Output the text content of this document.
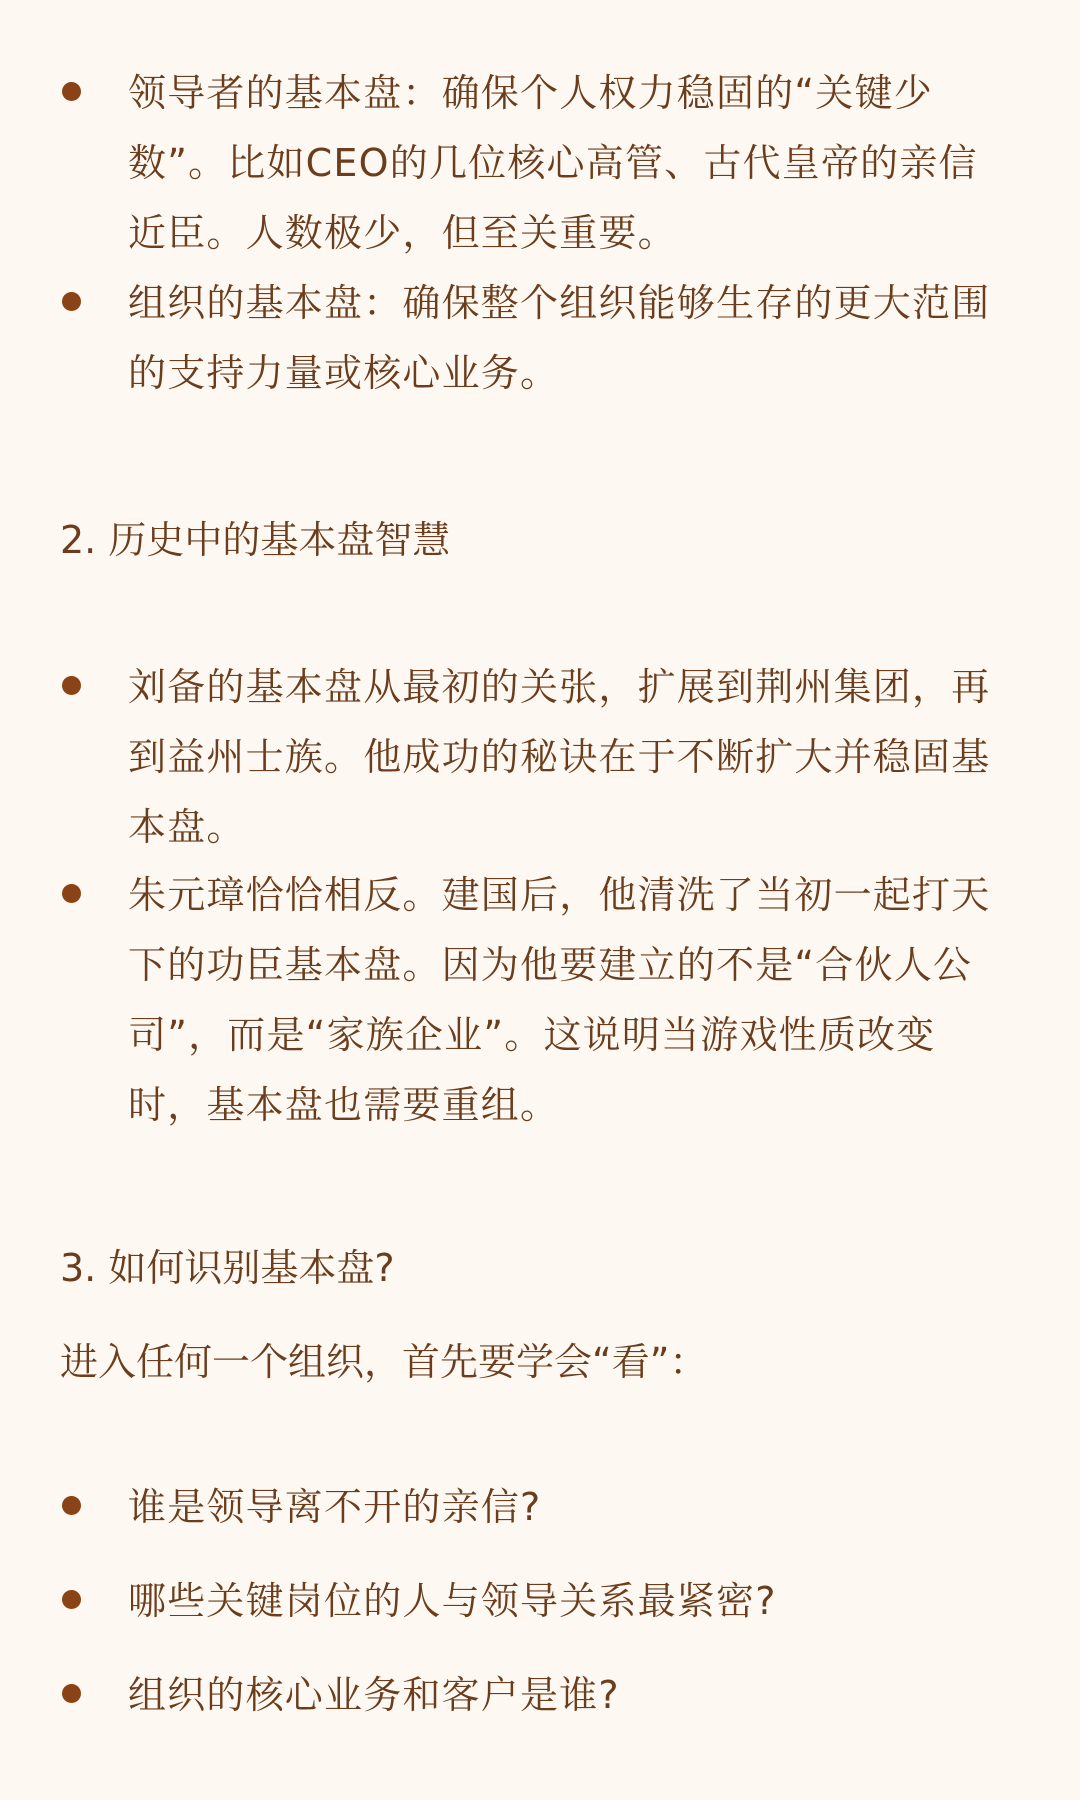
领导者的基本盘：确保个人权力稳固的“关键少
数”。比如CEO的几位核心高管、古代皇帝的亲信
近臣。人数极少，但至关重要。
组织的基本盘：确保整个组织能够生存的更大范围
的支持力量或核心业务。
2. 历史中的基本盘智慧
刘备的基本盘从最初的关张，扩展到荆州集团，再
到益州士族。他成功的秘诀在于不断扩大并稳固基
本盘。
朱元璋恰恰相反。建国后，他清洗了当初一起打天
下的功臣基本盘。因为他要建立的不是“合伙人公
司”，而是“家族企业”。这说明当游戏性质改变
时，基本盘也需要重组。
3. 如何识别基本盘?
进入任何一个组织，首先要学会“看”：
谁是领导离不开的亲信?
哪些关键岗位的人与领导关系最紧密?
组织的核心业务和客户是谁?
